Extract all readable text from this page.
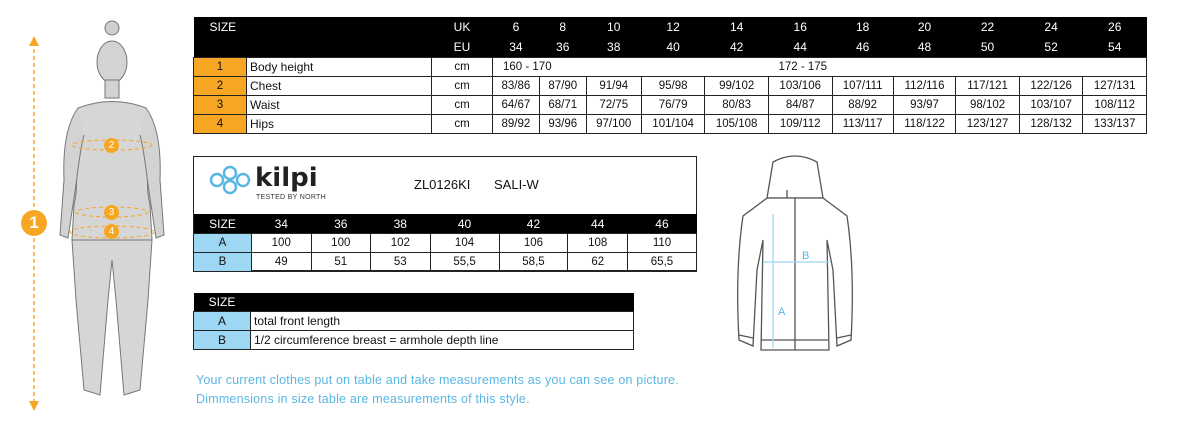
1
2
3
4
SIZE			UK	6	8	10	12	14	16	18	20	22	24	26
			EU	34	36	38	40	42	44	46	48	50	52	54
1	Body height		cm	160 - 170					172 - 175					
2	Chest		cm	83/86	87/90	91/94	95/98	99/102	103/106	107/111	112/116	117/121	122/126	127/131
3	Waist		cm	64/67	68/71	72/75	76/79	80/83	84/87	88/92	93/97	98/102	103/107	108/112
4	Hips		cm	89/92	93/96	97/100	101/104	105/108	109/112	113/117	118/122	123/127	128/132	133/137
kilpi
TESTED BY NORTH
ZL0126KI SALI-W
SIZE	34	36	38	40	42	44	46
A	100	100	102	104	106	108	110
B	49	51	53	55,5	58,5	62	65,5
SIZE	
A	total front length
B	1/2 circumference breast = armhole depth line
A
B
Your current clothes put on table and take measurements as you can see on picture.
Dimmensions in size table are measurements of this style.
